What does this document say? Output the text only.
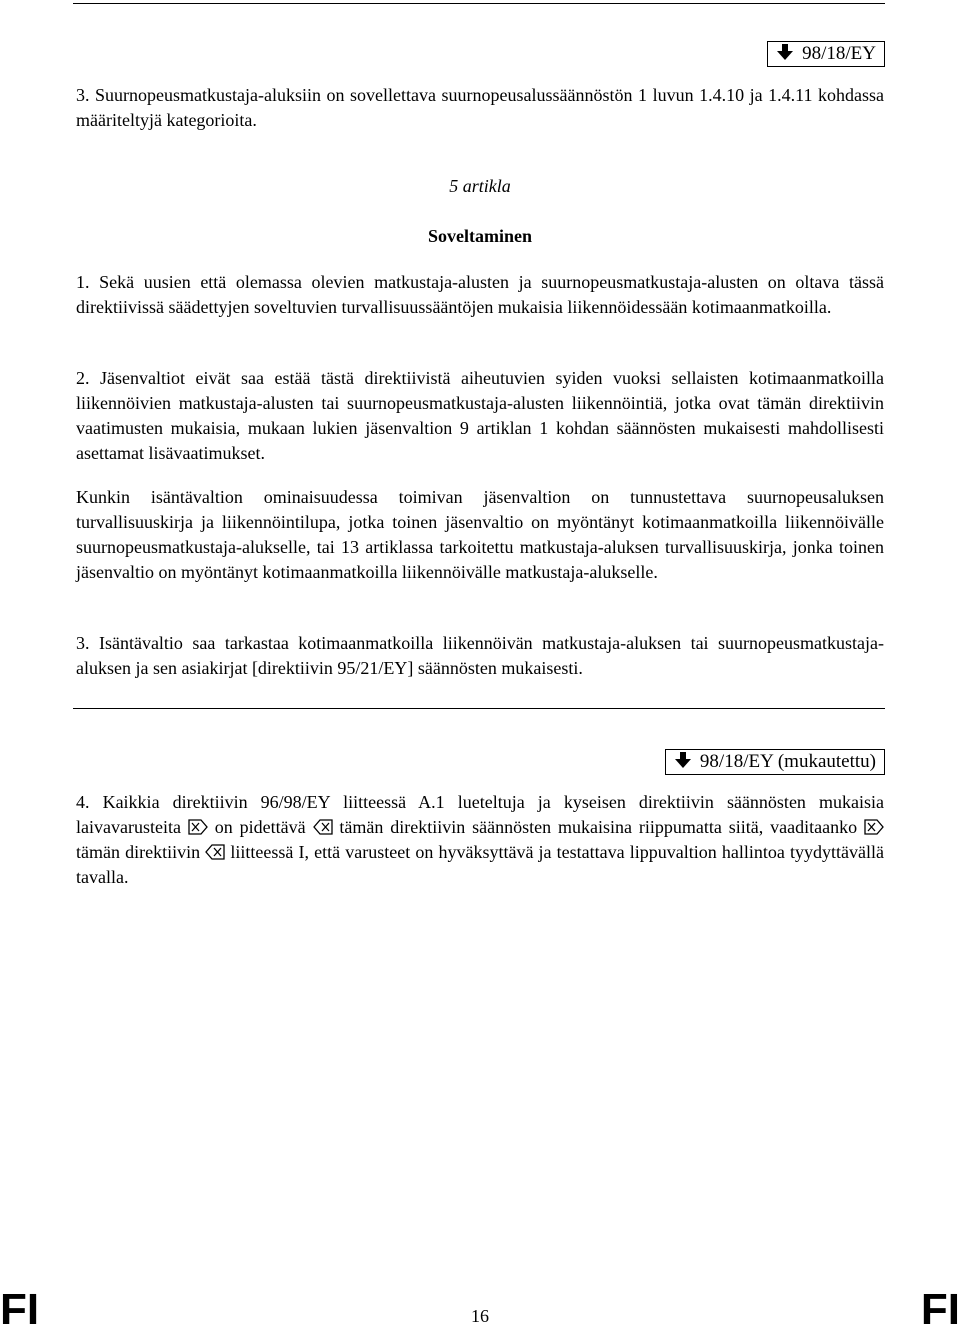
98/18/EY

3. Suurnopeusmatkustaja-aluksiin on sovellettava suurnopeusalussäännöstön 1 luvun 1.4.10 ja 1.4.11 kohdassa määriteltyjä kategorioita.

5 artikla

Soveltaminen

1. Sekä uusien että olemassa olevien matkustaja-alusten ja suurnopeusmatkustaja-alusten on oltava tässä direktiivissä säädettyjen soveltuvien turvallisuussääntöjen mukaisia liikennöidessään kotimaanmatkoilla.

2. Jäsenvaltiot eivät saa estää tästä direktiivistä aiheutuvien syiden vuoksi sellaisten kotimaanmatkoilla liikennöivien matkustaja-alusten tai suurnopeusmatkustaja-alusten liikennöintiä, jotka ovat tämän direktiivin vaatimusten mukaisia, mukaan lukien jäsenvaltion 9 artiklan 1 kohdan säännösten mukaisesti mahdollisesti asettamat lisävaatimukset.

Kunkin isäntävaltion ominaisuudessa toimivan jäsenvaltion on tunnustettava suurnopeusaluksen turvallisuuskirja ja liikennöintilupa, jotka toinen jäsenvaltio on myöntänyt kotimaanmatkoilla liikennöivälle suurnopeusmatkustaja-alukselle, tai 13 artiklassa tarkoitettu matkustaja-aluksen turvallisuuskirja, jonka toinen jäsenvaltio on myöntänyt kotimaanmatkoilla liikennöivälle matkustaja-alukselle.

3. Isäntävaltio saa tarkastaa kotimaanmatkoilla liikennöivän matkustaja-aluksen tai suurnopeusmatkustaja-aluksen ja sen asiakirjat [direktiivin 95/21/EY] säännösten mukaisesti.

98/18/EY (mukautettu)

4. Kaikkia direktiivin 96/98/EY liitteessä A.1 lueteltuja ja kyseisen direktiivin säännösten mukaisia laivavarusteita  on pidettävä  tämän direktiivin säännösten mukaisina riippumatta siitä, vaaditaanko  tämän direktiivin  liitteessä I, että varusteet on hyväksyttävä ja testattava lippuvaltion hallintoa tyydyttävällä tavalla.

FI	16	FI
